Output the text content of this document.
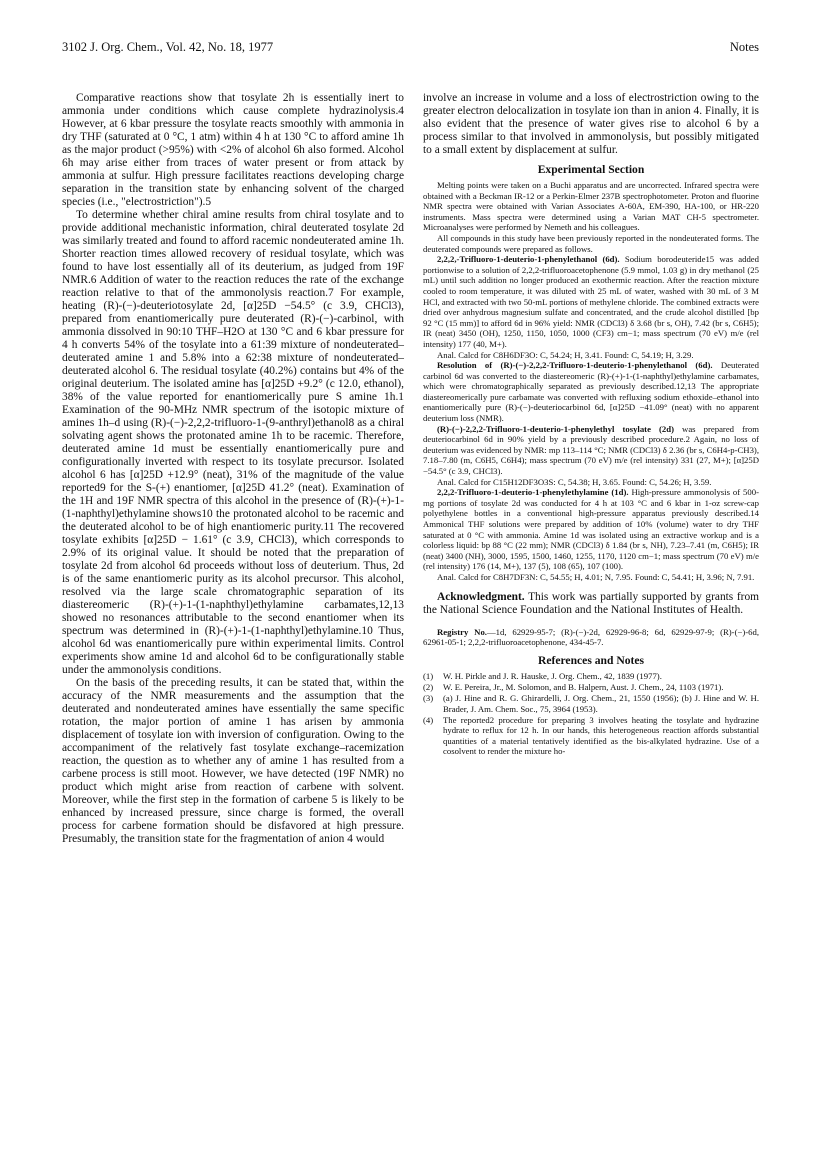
3102 J. Org. Chem., Vol. 42, No. 18, 1977	Notes

Comparative reactions show that tosylate 2h is essentially inert to ammonia under conditions which cause complete hydrazinolysis.4 However, at 6 kbar pressure the tosylate reacts smoothly with ammonia in dry THF (saturated at 0 °C, 1 atm) within 4 h at 130 °C to afford amine 1h as the major product (>95%) with <2% of alcohol 6h also formed. Alcohol 6h may arise either from traces of water present or from attack by ammonia at sulfur. High pressure facilitates reactions developing charge separation in the transition state by enhancing solvent of the charged species (i.e., "electrostriction").5

To determine whether chiral amine results from chiral tosylate and to provide additional mechanistic information, chiral deuterated tosylate 2d was similarly treated and found to afford racemic nondeuterated amine 1h. Shorter reaction times allowed recovery of residual tosylate, which was found to have lost essentially all of its deuterium, as judged from 19F NMR.6 Addition of water to the reaction reduces the rate of the exchange reaction relative to that of the ammonolysis reaction.7 For example, heating (R)-(−)-deuteriotosylate 2d, [α]25D −54.5° (c 3.9, CHCl3), prepared from enantiomerically pure deuterated (R)-(−)-carbinol, with ammonia dissolved in 90:10 THF–H2O at 130 °C and 6 kbar pressure for 4 h converts 54% of the tosylate into a 61:39 mixture of nondeuterated–deuterated amine 1 and 5.8% into a 62:38 mixture of nondeuterated–deuterated alcohol 6. The residual tosylate (40.2%) contains but 4% of the original deuterium. The isolated amine has [α]25D +9.2° (c 12.0, ethanol), 38% of the value reported for enantiomerically pure S amine 1h.1 Examination of the 90-MHz NMR spectrum of the isotopic mixture of amines 1h–d using (R)-(−)-2,2,2-trifluoro-1-(9-anthryl)ethanol8 as a chiral solvating agent shows the protonated amine 1h to be racemic. Therefore, deuterated amine 1d must be essentially enantiomerically pure and configurationally inverted with respect to its tosylate precursor. Isolated alcohol 6 has [α]25D +12.9° (neat), 31% of the magnitude of the value reported9 for the S-(+) enantiomer, [α]25D 41.2° (neat). Examination of the 1H and 19F NMR spectra of this alcohol in the presence of (R)-(+)-1-(1-naphthyl)ethylamine shows10 the protonated alcohol to be racemic and the deuterated alcohol to be of high enantiomeric purity.11 The recovered tosylate exhibits [α]25D − 1.61° (c 3.9, CHCl3), which corresponds to 2.9% of its original value. It should be noted that the preparation of tosylate 2d from alcohol 6d proceeds without loss of deuterium. Thus, 2d is of the same enantiomeric purity as its alcohol precursor. This alcohol, resolved via the large scale chromatographic separation of its diastereomeric (R)-(+)-1-(1-naphthyl)ethylamine carbamates,12,13 showed no resonances attributable to the second enantiomer when its spectrum was determined in (R)-(+)-1-(1-naphthyl)ethylamine.10 Thus, alcohol 6d was enantiomerically pure within experimental limits. Control experiments show amine 1d and alcohol 6d to be configurationally stable under the ammonolysis conditions.

On the basis of the preceding results, it can be stated that, within the accuracy of the NMR measurements and the assumption that the deuterated and nondeuterated amines have essentially the same specific rotation, the major portion of amine 1 has arisen by ammonia displacement of tosylate ion with inversion of configuration. Owing to the accompaniment of the relatively fast tosylate exchange–racemization reaction, the question as to whether any of amine 1 has resulted from a carbene process is still moot. However, we have detected (19F NMR) no product which might arise from reaction of carbene with solvent. Moreover, while the first step in the formation of carbene 5 is likely to be enhanced by increased pressure, since charge is formed, the overall process for carbene formation should be disfavored at high pressure. Presumably, the transition state for the fragmentation of anion 4 would

involve an increase in volume and a loss of electrostriction owing to the greater electron delocalization in tosylate ion than in anion 4. Finally, it is also evident that the presence of water gives rise to alcohol 6 by a process similar to that involved in ammonolysis, but possibly mitigated to a small extent by displacement at sulfur.

Experimental Section

Melting points were taken on a Buchi apparatus and are uncorrected. Infrared spectra were obtained with a Beckman IR-12 or a Perkin-Elmer 237B spectrophotometer. Proton and fluorine NMR spectra were obtained with Varian Associates A-60A, EM-390, HA-100, or HR-220 instruments. Mass spectra were determined using a Varian MAT CH-5 spectrometer. Microanalyses were performed by Nemeth and his colleagues.

All compounds in this study have been previously reported in the nondeuterated forms. The deuterated compounds were prepared as follows.

2,2,2,-Trifluoro-1-deuterio-1-phenylethanol (6d). Sodium borodeuteride15 was added portionwise to a solution of 2,2,2-trifluoroacetophenone (5.9 mmol, 1.03 g) in dry methanol (25 mL) until such addition no longer produced an exothermic reaction. After the reaction mixture cooled to room temperature, it was diluted with 25 mL of water, washed with 30 mL of 3 M HCl, and extracted with two 50-mL portions of methylene chloride. The combined extracts were dried over anhydrous magnesium sulfate and concentrated, and the crude alcohol distilled [bp 92 °C (15 mm)] to afford 6d in 96% yield: NMR (CDCl3) δ 3.68 (br s, OH), 7.42 (br s, C6H5); IR (neat) 3450 (OH), 1250, 1150, 1050, 1000 (CF3) cm−1; mass spectrum (70 eV) m/e (rel intensity) 177 (40, M+).

Anal. Calcd for C8H6DF3O: C, 54.24; H, 3.41. Found: C, 54.19; H, 3.29.

Resolution of (R)-(−)-2,2,2-Trifluoro-1-deuterio-1-phenylethanol (6d). Deuterated carbinol 6d was converted to the diastereomeric (R)-(+)-1-(1-naphthyl)ethylamine carbamates, which were chromatographically separated as previously described.12,13 The appropriate diastereomerically pure carbamate was converted with refluxing sodium ethoxide–ethanol into enantiomerically pure (R)-(−)-deuteriocarbinol 6d, [α]25D −41.09° (neat) with no apparent deuterium loss (NMR).

(R)-(−)-2,2,2-Trifluoro-1-deuterio-1-phenylethyl tosylate (2d) was prepared from deuteriocarbinol 6d in 90% yield by a previously described procedure.2 Again, no loss of deuterium was evidenced by NMR: mp 113–114 °C; NMR (CDCl3) δ 2.36 (br s, C6H4-p-CH3), 7.18–7.80 (m, C6H5, C6H4); mass spectrum (70 eV) m/e (rel intensity) 331 (27, M+); [α]25D −54.5° (c 3.9, CHCl3).

Anal. Calcd for C15H12DF3O3S: C, 54.38; H, 3.65. Found: C, 54.26; H, 3.59.

2,2,2-Trifluoro-1-deuterio-1-phenylethylamine (1d). High-pressure ammonolysis of 500-mg portions of tosylate 2d was conducted for 4 h at 103 °C and 6 kbar in 1-oz screw-cap polyethylene bottles in a conventional high-pressure apparatus previously described.14 Ammonical THF solutions were prepared by addition of 10% (volume) water to dry THF saturated at 0 °C with ammonia. Amine 1d was isolated using an extractive workup and is a colorless liquid: bp 88 °C (22 mm); NMR (CDCl3) δ 1.84 (br s, NH), 7.23–7.41 (m, C6H5); IR (neat) 3400 (NH), 3000, 1595, 1500, 1460, 1255, 1170, 1120 cm−1; mass spectrum (70 eV) m/e (rel intensity) 176 (14, M+), 137 (5), 108 (65), 107 (100).

Anal. Calcd for C8H7DF3N: C, 54.55; H, 4.01; N, 7.95. Found: C, 54.41; H, 3.96; N, 7.91.

Acknowledgment. This work was partially supported by grants from the National Science Foundation and the National Institutes of Health.

Registry No.—1d, 62929-95-7; (R)-(−)-2d, 62929-96-8; 6d, 62929-97-9; (R)-(−)-6d, 62961-05-1; 2,2,2-trifluoroacetophenone, 434-45-7.

References and Notes
(1) W. H. Pirkle and J. R. Hauske, J. Org. Chem., 42, 1839 (1977).
(2) W. E. Pereira, Jr., M. Solomon, and B. Halpern, Aust. J. Chem., 24, 1103 (1971).
(3) (a) J. Hine and R. G. Ghirardelli, J. Org. Chem., 21, 1550 (1956); (b) J. Hine and W. H. Brader, J. Am. Chem. Soc., 75, 3964 (1953).
(4) The reported2 procedure for preparing 3 involves heating the tosylate and hydrazine hydrate to reflux for 12 h. In our hands, this heterogeneous reaction affords substantial quantities of a material tentatively identified as the bis-alkylated hydrazine. Use of a cosolvent to render the mixture ho-
